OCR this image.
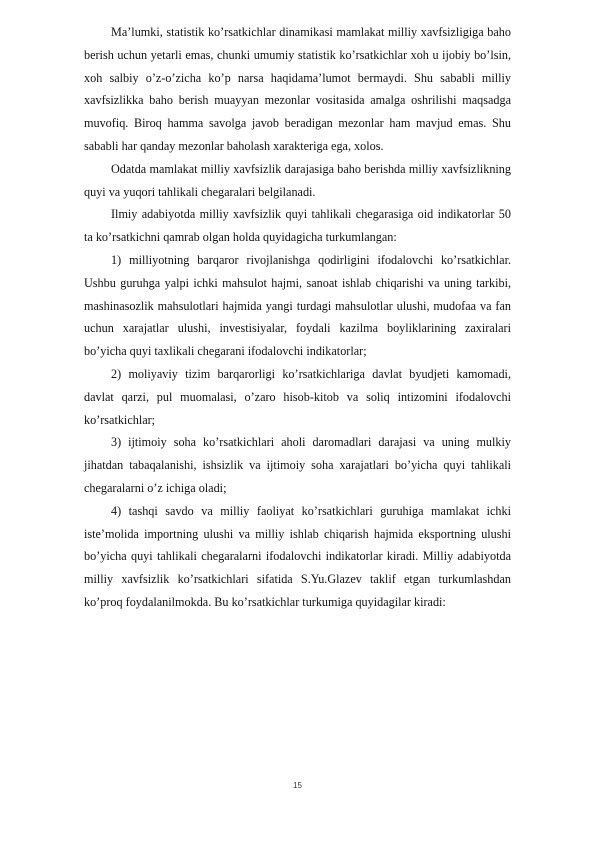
Ma’lumki, statistik ko’rsatkichlar dinamikasi mamlakat milliy xavfsizligiga baho berish uchun yetarli emas, chunki umumiy statistik ko’rsatkichlar xoh u ijobiy bo’lsin, xoh salbiy o’z-o’zicha ko’p narsa haqidama’lumot bermaydi. Shu sababli milliy xavfsizlikka baho berish muayyan mezonlar vositasida amalga oshrilishi maqsadga muvofiq. Biroq hamma savolga javob beradigan mezonlar ham mavjud emas. Shu sababli har qanday mezonlar baholash xarakteriga ega, xolos.

Odatda mamlakat milliy xavfsizlik darajasiga baho berishda milliy xavfsizlikning quyi va yuqori tahlikali chegaralari belgilanadi.

Ilmiy adabiyotda milliy xavfsizlik quyi tahlikali chegarasiga oid indikatorlar 50 ta ko’rsatkichni qamrab olgan holda quyidagicha turkumlangan:

1) milliyotning barqaror rivojlanishga qodirligini ifodalovchi ko’rsatkichlar. Ushbu guruhga yalpi ichki mahsulot hajmi, sanoat ishlab chiqarishi va uning tarkibi, mashinasozlik mahsulotlari hajmida yangi turdagi mahsulotlar ulushi, mudofaa va fan uchun xarajatlar ulushi, investisiyalar, foydali kazilma boyliklarining zaxiralari bo’yicha quyi taxlikali chegarani ifodalovchi indikatorlar;

2) moliyaviy tizim barqarorligi ko’rsatkichlariga davlat byudjeti kamomadi, davlat qarzi, pul muomalasi, o’zaro hisob-kitob va soliq intizomini ifodalovchi ko’rsatkichlar;

3) ijtimoiy soha ko’rsatkichlari aholi daromadlari darajasi va uning mulkiy jihatdan tabaqalanishi, ishsizlik va ijtimoiy soha xarajatlari bo’yicha quyi tahlikali chegaralarni o’z ichiga oladi;

4) tashqi savdo va milliy faoliyat ko’rsatkichlari guruhiga mamlakat ichki iste’molida importning ulushi va milliy ishlab chiqarish hajmida eksportning ulushi bo’yicha quyi tahlikali chegaralarni ifodalovchi indikatorlar kiradi. Milliy adabiyotda milliy xavfsizlik ko’rsatkichlari sifatida S.Yu.Glazev taklif etgan turkumlashdan ko’proq foydalanilmokda. Bu ko’rsatkichlar turkumiga quyidagilar kiradi:

15
